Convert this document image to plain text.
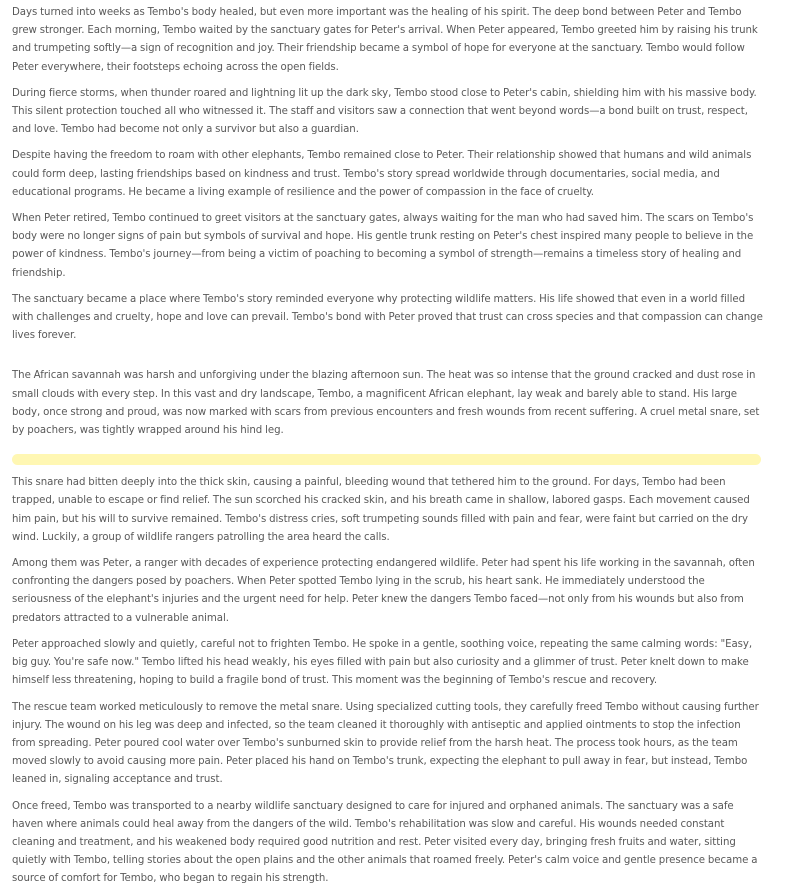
Days turned into weeks as Tembo's body healed, but even more important was the healing of his spirit. The deep bond between Peter and Tembo grew stronger. Each morning, Tembo waited by the sanctuary gates for Peter's arrival. When Peter appeared, Tembo greeted him by raising his trunk and trumpeting softly—a sign of recognition and joy. Their friendship became a symbol of hope for everyone at the sanctuary. Tembo would follow Peter everywhere, their footsteps echoing across the open fields.

During fierce storms, when thunder roared and lightning lit up the dark sky, Tembo stood close to Peter's cabin, shielding him with his massive body. This silent protection touched all who witnessed it. The staff and visitors saw a connection that went beyond words—a bond built on trust, respect, and love. Tembo had become not only a survivor but also a guardian.

Despite having the freedom to roam with other elephants, Tembo remained close to Peter. Their relationship showed that humans and wild animals could form deep, lasting friendships based on kindness and trust. Tembo's story spread worldwide through documentaries, social media, and educational programs. He became a living example of resilience and the power of compassion in the face of cruelty.

When Peter retired, Tembo continued to greet visitors at the sanctuary gates, always waiting for the man who had saved him. The scars on Tembo's body were no longer signs of pain but symbols of survival and hope. His gentle trunk resting on Peter's chest inspired many people to believe in the power of kindness. Tembo's journey—from being a victim of poaching to becoming a symbol of strength—remains a timeless story of healing and friendship.

The sanctuary became a place where Tembo's story reminded everyone why protecting wildlife matters. His life showed that even in a world filled with challenges and cruelty, hope and love can prevail. Tembo's bond with Peter proved that trust can cross species and that compassion can change lives forever.

The African savannah was harsh and unforgiving under the blazing afternoon sun. The heat was so intense that the ground cracked and dust rose in small clouds with every step. In this vast and dry landscape, Tembo, a magnificent African elephant, lay weak and barely able to stand. His large body, once strong and proud, was now marked with scars from previous encounters and fresh wounds from recent suffering. A cruel metal snare, set by poachers, was tightly wrapped around his hind leg.

This snare had bitten deeply into the thick skin, causing a painful, bleeding wound that tethered him to the ground. For days, Tembo had been trapped, unable to escape or find relief. The sun scorched his cracked skin, and his breath came in shallow, labored gasps. Each movement caused him pain, but his will to survive remained. Tembo's distress cries, soft trumpeting sounds filled with pain and fear, were faint but carried on the dry wind. Luckily, a group of wildlife rangers patrolling the area heard the calls.

Among them was Peter, a ranger with decades of experience protecting endangered wildlife. Peter had spent his life working in the savannah, often confronting the dangers posed by poachers. When Peter spotted Tembo lying in the scrub, his heart sank. He immediately understood the seriousness of the elephant's injuries and the urgent need for help. Peter knew the dangers Tembo faced—not only from his wounds but also from predators attracted to a vulnerable animal.

Peter approached slowly and quietly, careful not to frighten Tembo. He spoke in a gentle, soothing voice, repeating the same calming words: "Easy, big guy. You're safe now." Tembo lifted his head weakly, his eyes filled with pain but also curiosity and a glimmer of trust. Peter knelt down to make himself less threatening, hoping to build a fragile bond of trust. This moment was the beginning of Tembo's rescue and recovery.

The rescue team worked meticulously to remove the metal snare. Using specialized cutting tools, they carefully freed Tembo without causing further injury. The wound on his leg was deep and infected, so the team cleaned it thoroughly with antiseptic and applied ointments to stop the infection from spreading. Peter poured cool water over Tembo's sunburned skin to provide relief from the harsh heat. The process took hours, as the team moved slowly to avoid causing more pain. Peter placed his hand on Tembo's trunk, expecting the elephant to pull away in fear, but instead, Tembo leaned in, signaling acceptance and trust.

Once freed, Tembo was transported to a nearby wildlife sanctuary designed to care for injured and orphaned animals. The sanctuary was a safe haven where animals could heal away from the dangers of the wild. Tembo's rehabilitation was slow and careful. His wounds needed constant cleaning and treatment, and his weakened body required good nutrition and rest. Peter visited every day, bringing fresh fruits and water, sitting quietly with Tembo, telling stories about the open plains and the other animals that roamed freely. Peter's calm voice and gentle presence became a source of comfort for Tembo, who began to regain his strength.
